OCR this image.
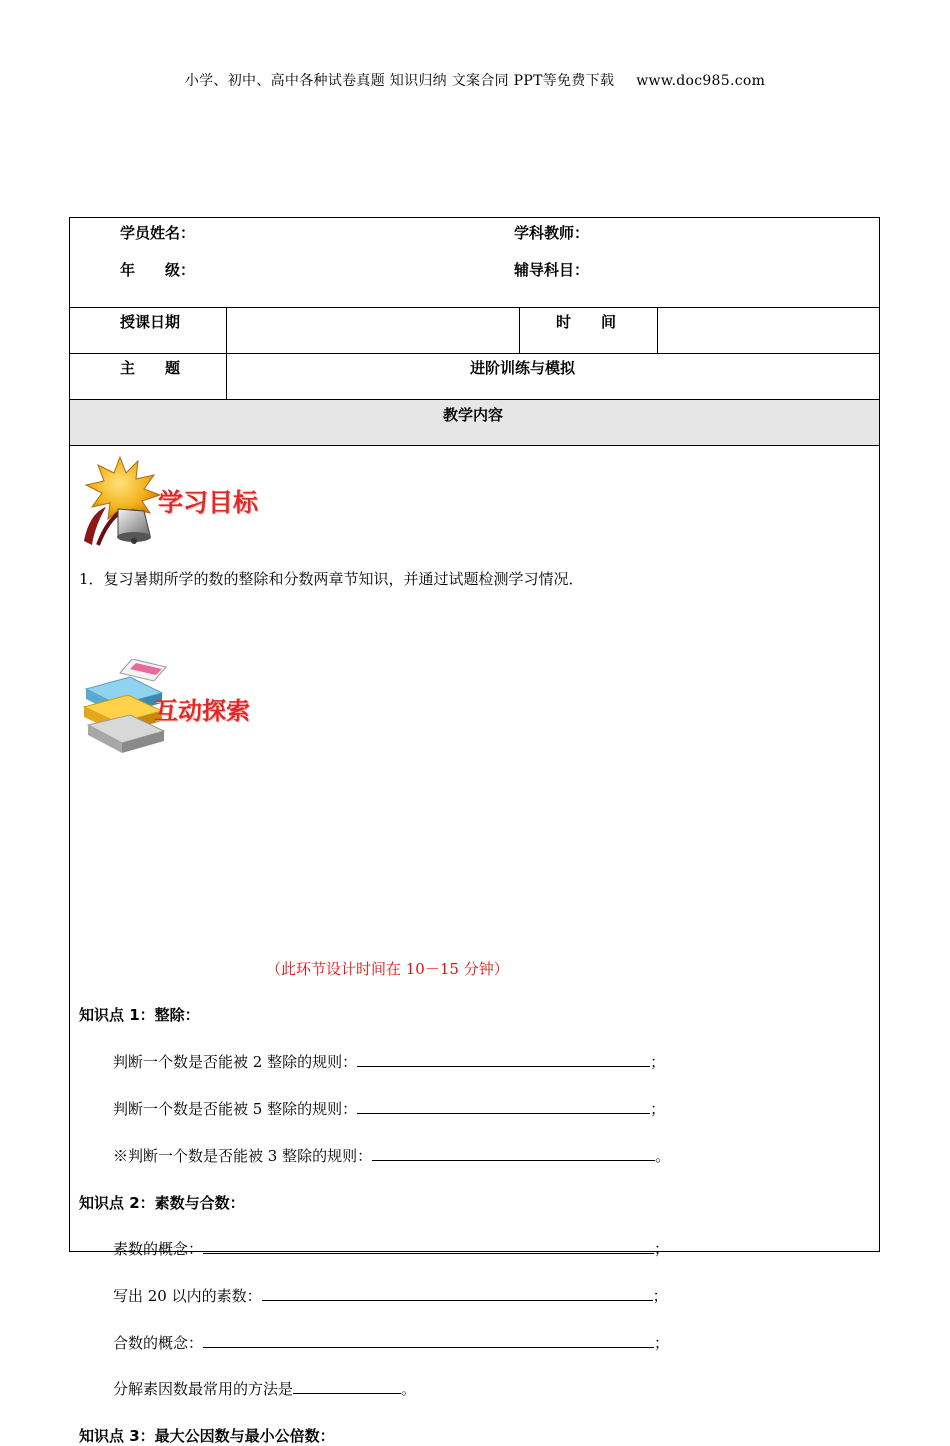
小学、初中、高中各种试卷真题 知识归纳 文案合同 PPT等免费下载 www.doc985.com
学员姓名：	学科教师：
年　　级：	辅导科目：
授课日期	时　　间
主　　题	进阶训练与模拟
教学内容
学习目标
1．复习暑期所学的数的整除和分数两章节知识，并通过试题检测学习情况．
互动探索
（此环节设计时间在 10－15 分钟）
知识点 1：整除：
判断一个数是否能被 2 整除的规则：	；
判断一个数是否能被 5 整除的规则：	；
※判断一个数是否能被 3 整除的规则：	。
知识点 2：素数与合数：
素数的概念：	；
写出 20 以内的素数：	；
合数的概念：	；
分解素因数最常用的方法是	。
知识点 3：最大公因数与最小公倍数：
